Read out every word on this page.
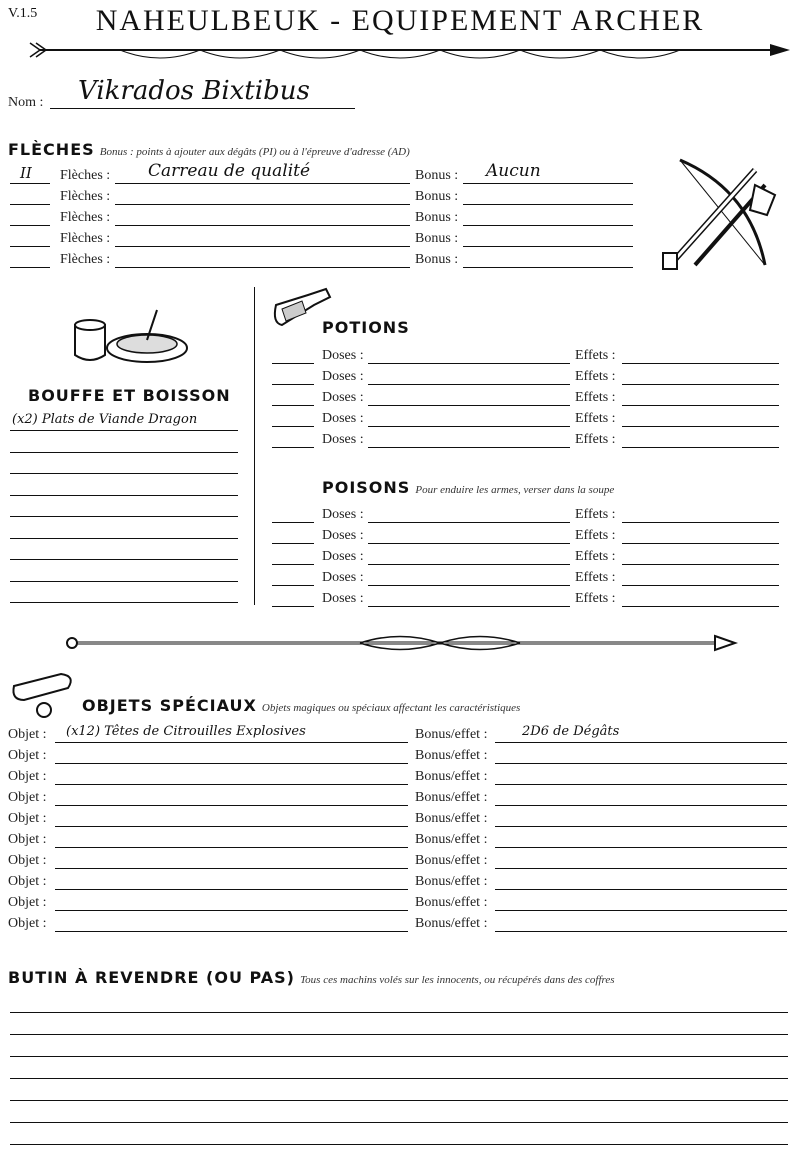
V.1.5	NAHEULBEUK - EQUIPEMENT ARCHER
Nom : Vikrados Bixtibus
FLÈCHES Bonus : points à ajouter aux dégâts (PI) ou à l'épreuve d'adresse (AD)
II Flèches : Carreau de qualité	Bonus : Aucun
Flèches :	Bonus :
Flèches :	Bonus :
Flèches :	Bonus :
Flèches :	Bonus :
BOUFFE ET BOISSON
(x2) Plats de Viande Dragon
POTIONS
Doses :	Effets :
Doses :	Effets :
Doses :	Effets :
Doses :	Effets :
Doses :	Effets :
POISONS Pour enduire les armes, verser dans la soupe
Doses :	Effets :
Doses :	Effets :
Doses :	Effets :
Doses :	Effets :
Doses :	Effets :
OBJETS SPÉCIAUX Objets magiques ou spéciaux affectant les caractéristiques
Objet : (x12) Têtes de Citrouilles Explosives	Bonus/effet :	2D6 de Dégâts
Objet :	Bonus/effet :
Objet :	Bonus/effet :
Objet :	Bonus/effet :
Objet :	Bonus/effet :
Objet :	Bonus/effet :
Objet :	Bonus/effet :
Objet :	Bonus/effet :
Objet :	Bonus/effet :
Objet :	Bonus/effet :
BUTIN À REVENDRE (OU PAS) Tous ces machins volés sur les innocents, ou récupérés dans des coffres
